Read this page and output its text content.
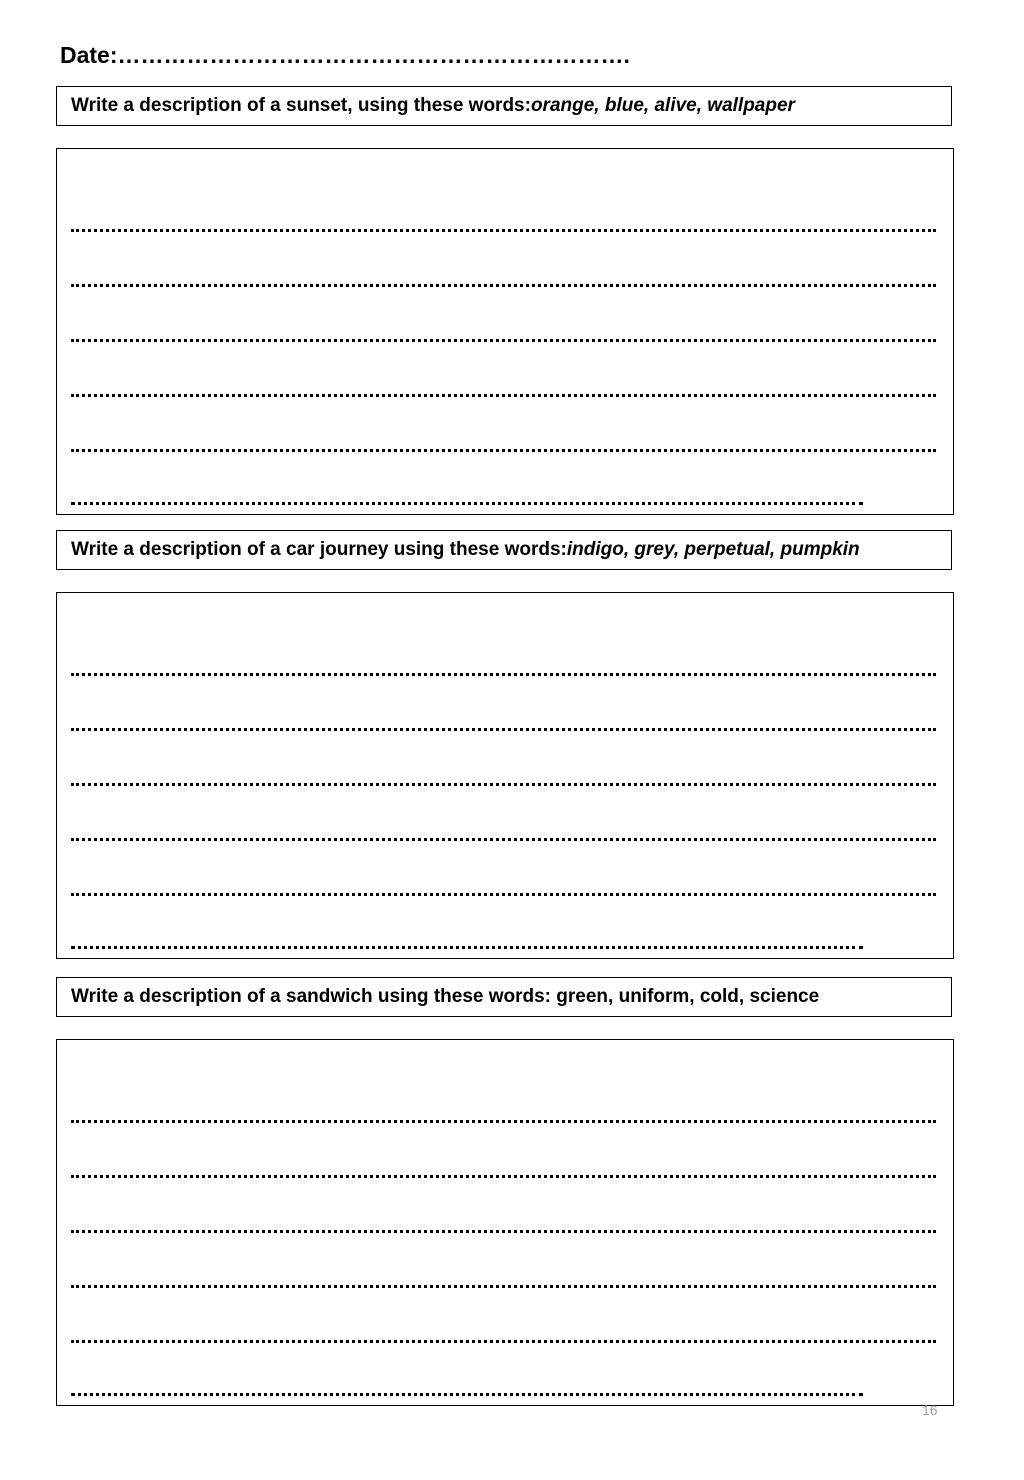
Date:………………………………………………………….
Write a description of a sunset, using these words: orange, blue, alive, wallpaper
Write a description of a car journey using these words: indigo, grey, perpetual, pumpkin
Write a description of a sandwich using these words: green, uniform, cold, science
16
